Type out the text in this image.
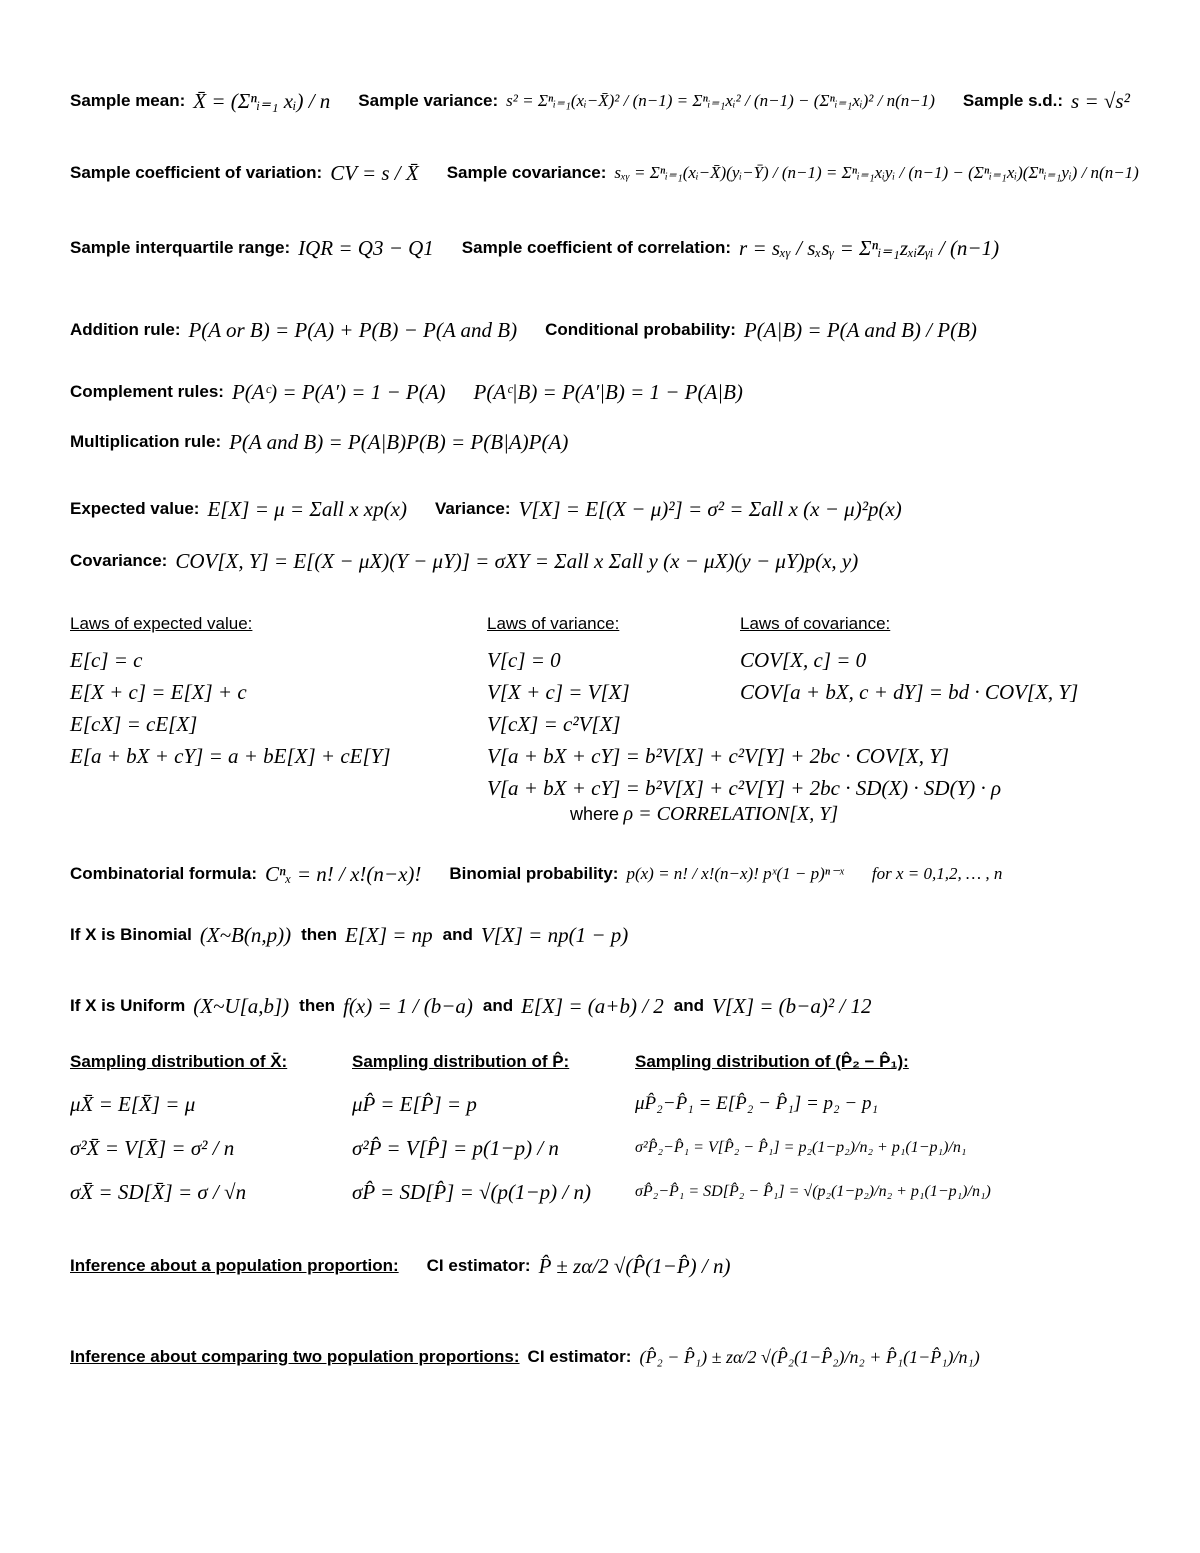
Sample mean: X̄ = (Σⁿᵢ₌₁ xᵢ) / n Sample variance: s² = Σⁿᵢ₌₁(xᵢ−X̄)² / (n−1) = Σⁿᵢ₌₁xᵢ² / (n−1) − (Σⁿᵢ₌₁xᵢ)² / n(n−1) Sample s.d.: s = √s²
Sample coefficient of variation: CV = s / X̄ Sample covariance: sₓᵧ = Σⁿᵢ₌₁(xᵢ−X̄)(yᵢ−Ȳ) / (n−1) = Σⁿᵢ₌₁xᵢyᵢ / (n−1) − (Σⁿᵢ₌₁xᵢ)(Σⁿᵢ₌₁yᵢ) / n(n−1)
Sample interquartile range: IQR = Q3 − Q1 Sample coefficient of correlation: r = sₓᵧ / sₓsᵧ = Σⁿᵢ₌₁zₓᵢzᵧᵢ / (n−1)
Addition rule: P(A or B) = P(A) + P(B) − P(A and B) Conditional probability: P(A|B) = P(A and B) / P(B)
Complement rules: P(Aᶜ) = P(A′) = 1 − P(A) P(Aᶜ|B) = P(A′|B) = 1 − P(A|B)
Multiplication rule: P(A and B) = P(A|B)P(B) = P(B|A)P(A)
Expected value: E[X] = μ = Σall x xp(x) Variance: V[X] = E[(X − μ)²] = σ² = Σall x (x − μ)²p(x)
Covariance: COV[X, Y] = E[(X − μX)(Y − μY)] = σXY = Σall x Σall y (x − μX)(y − μY)p(x, y)
Laws of expected value:
E[c] = c
E[X + c] = E[X] + c
E[cX] = cE[X]
E[a + bX + cY] = a + bE[X] + cE[Y]
Laws of variance:
V[c] = 0
V[X + c] = V[X]
V[cX] = c²V[X]
V[a + bX + cY] = b²V[X] + c²V[Y] + 2bc · COV[X, Y]
V[a + bX + cY] = b²V[X] + c²V[Y] + 2bc · SD(X) · SD(Y) · ρ
where ρ = CORRELATION[X, Y]
Laws of covariance:
COV[X, c] = 0
COV[a + bX, c + dY] = bd · COV[X, Y]
Combinatorial formula: Cⁿₓ = n! / x!(n−x)! Binomial probability: p(x) = n! / x!(n−x)! pˣ(1 − p)ⁿ⁻ˣ for x = 0,1,2, … , n
If X is Binomial (X~B(n,p)) then E[X] = np and V[X] = np(1 − p)
If X is Uniform (X~U[a,b]) then f(x) = 1 / (b−a) and E[X] = (a+b) / 2 and V[X] = (b−a)² / 12
Sampling distribution of X̄:
μX̄ = E[X̄] = μ
σ²X̄ = V[X̄] = σ² / n
σX̄ = SD[X̄] = σ / √n
Sampling distribution of P̂:
μP̂ = E[P̂] = p
σ²P̂ = V[P̂] = p(1−p) / n
σP̂ = SD[P̂] = √(p(1−p) / n)
Sampling distribution of (P̂₂ − P̂₁):
μP̂₂−P̂₁ = E[P̂₂ − P̂₁] = p₂ − p₁
σ²P̂₂−P̂₁ = V[P̂₂ − P̂₁] = p₂(1−p₂)/n₂ + p₁(1−p₁)/n₁
σP̂₂−P̂₁ = SD[P̂₂ − P̂₁] = √(p₂(1−p₂)/n₂ + p₁(1−p₁)/n₁)
Inference about a population proportion: CI estimator: P̂ ± zα/2 √(P̂(1−P̂) / n)
Inference about comparing two population proportions: CI estimator: (P̂₂ − P̂₁) ± zα/2 √(P̂₂(1−P̂₂)/n₂ + P̂₁(1−P̂₁)/n₁)
